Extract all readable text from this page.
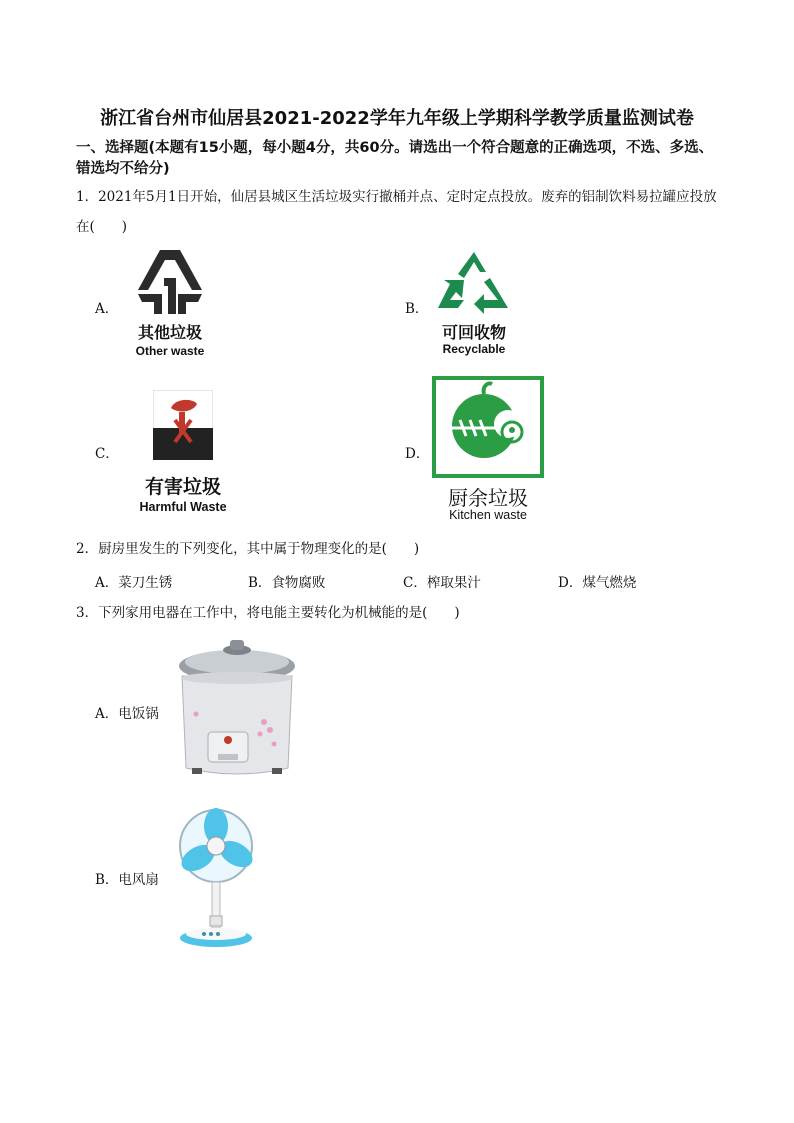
浙江省台州市仙居县2021-2022学年九年级上学期科学教学质量监测试卷
一、选择题(本题有15小题，每小题4分，共60分。请选出一个符合题意的正确选项，不选、多选、错选均不给分)
1．2021年5月1日开始，仙居县城区生活垃圾实行撤桶并点、定时定点投放。废弃的铝制饮料易拉罐应投放在(　　)
A．
其他垃圾
Other waste
B．
可回收物
Recyclable
C．
有害垃圾
Harmful Waste
D．
厨余垃圾
Kitchen waste
2．厨房里发生的下列变化，其中属于物理变化的是(　　)
A．菜刀生锈	B．食物腐败	C．榨取果汁	D．煤气燃烧
3．下列家用电器在工作中，将电能主要转化为机械能的是(　　)
A．电饭锅
B．电风扇
